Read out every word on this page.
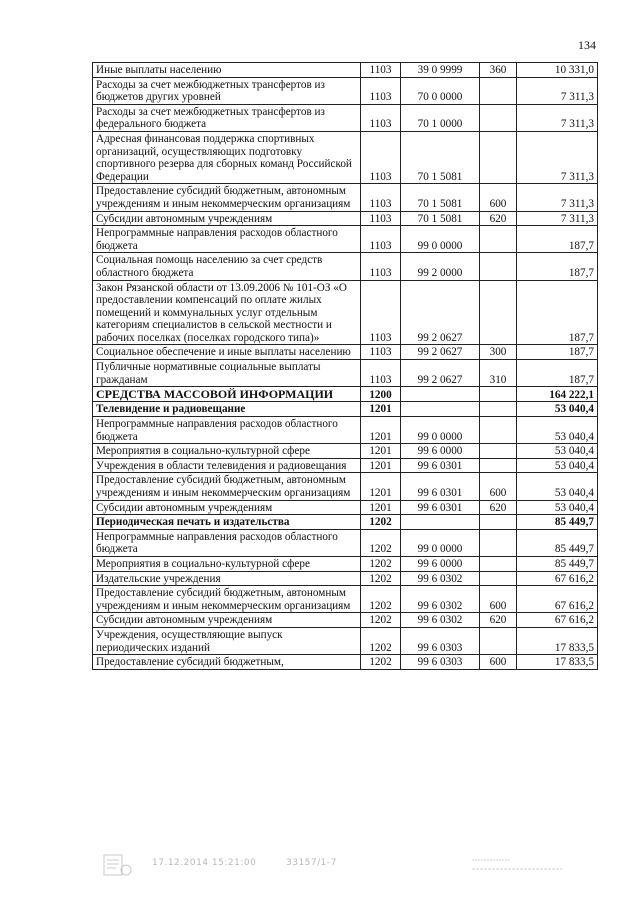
134
Иные выплаты населению	1103	39 0 9999	360	10 331,0
Расходы за счет межбюджетных трансфертов из бюджетов других уровней	1103	70 0 0000		7 311,3
Расходы за счет межбюджетных трансфертов из федерального бюджета	1103	70 1 0000		7 311,3
Адресная финансовая поддержка спортивных организаций, осуществляющих подготовку спортивного резерва для сборных команд Российской Федерации	1103	70 1 5081		7 311,3
Предоставление субсидий бюджетным, автономным учреждениям и иным некоммерческим организациям	1103	70 1 5081	600	7 311,3
Субсидии автономным учреждениям	1103	70 1 5081	620	7 311,3
Непрограммные направления расходов областного бюджета	1103	99 0 0000		187,7
Социальная помощь населению за счет средств областного бюджета	1103	99 2 0000		187,7
Закон Рязанской области от 13.09.2006 № 101-ОЗ «О предоставлении компенсаций по оплате жилых помещений и коммунальных услуг отдельным категориям специалистов в сельской местности и рабочих поселках (поселках городского типа)»	1103	99 2 0627		187,7
Социальное обеспечение и иные выплаты населению	1103	99 2 0627	300	187,7
Публичные нормативные социальные выплаты гражданам	1103	99 2 0627	310	187,7
СРЕДСТВА МАССОВОЙ ИНФОРМАЦИИ	1200			164 222,1
Телевидение и радиовещание	1201			53 040,4
Непрограммные направления расходов областного бюджета	1201	99 0 0000		53 040,4
Мероприятия в социально-культурной сфере	1201	99 6 0000		53 040,4
Учреждения в области телевидения и радиовещания	1201	99 6 0301		53 040,4
Предоставление субсидий бюджетным, автономным учреждениям и иным некоммерческим организациям	1201	99 6 0301	600	53 040,4
Субсидии автономным учреждениям	1201	99 6 0301	620	53 040,4
Периодическая печать и издательства	1202			85 449,7
Непрограммные направления расходов областного бюджета	1202	99 0 0000		85 449,7
Мероприятия в социально-культурной сфере	1202	99 6 0000		85 449,7
Издательские учреждения	1202	99 6 0302		67 616,2
Предоставление субсидий бюджетным, автономным учреждениям и иным некоммерческим организациям	1202	99 6 0302	600	67 616,2
Субсидии автономным учреждениям	1202	99 6 0302	620	67 616,2
Учреждения, осуществляющие выпуск периодических изданий	1202	99 6 0303		17 833,5
Предоставление субсидий бюджетным,	1202	99 6 0303	600	17 833,5
17.12.2014 15:21:00	33157/1-7
